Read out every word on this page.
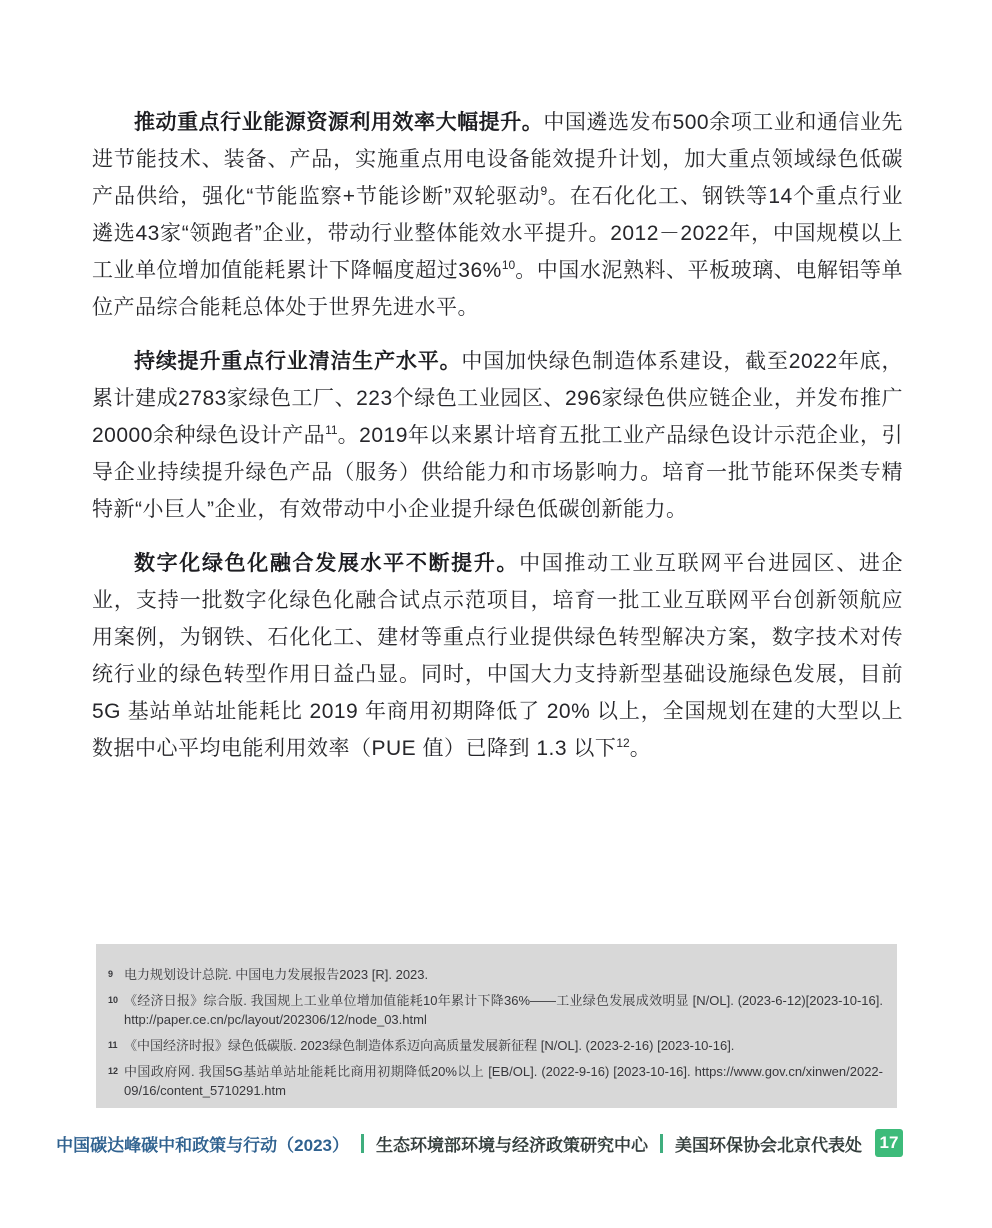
推动重点行业能源资源利用效率大幅提升。中国遴选发布500余项工业和通信业先进节能技术、装备、产品，实施重点用电设备能效提升计划，加大重点领域绿色低碳产品供给，强化“节能监察+节能诊断”双轮驱动$^9$。在石化化工、钢铁等14个重点行业遴选43家“领跑者”企业，带动行业整体能效水平提升。2012－2022年，中国规模以上工业单位增加值能耗累计下降幅度超过36%$^{10}$。中国水泥熟料、平板玻璃、电解铝等单位产品综合能耗总体处于世界先进水平。

持续提升重点行业清洁生产水平。中国加快绿色制造体系建设，截至2022年底，累计建成2783家绿色工厂、223个绿色工业园区、296家绿色供应链企业，并发布推广20000余种绿色设计产品$^{11}$。2019年以来累计培育五批工业产品绿色设计示范企业，引导企业持续提升绿色产品（服务）供给能力和市场影响力。培育一批节能环保类专精特新“小巨人”企业，有效带动中小企业提升绿色低碳创新能力。

数字化绿色化融合发展水平不断提升。中国推动工业互联网平台进园区、进企业，支持一批数字化绿色化融合试点示范项目，培育一批工业互联网平台创新领航应用案例，为钢铁、石化化工、建材等重点行业提供绿色转型解决方案，数字技术对传统行业的绿色转型作用日益凸显。同时，中国大力支持新型基础设施绿色发展，目前 5G 基站单站址能耗比 2019 年商用初期降低了 20% 以上，全国规划在建的大型以上数据中心平均电能利用效率（PUE 值）已降到 1.3 以下$^{12}$。

9 电力规划设计总院. 中国电力发展报告2023 [R]. 2023.
10 《经济日报》综合版. 我国规上工业单位增加值能耗10年累计下降36%——工业绿色发展成效明显 [N/OL]. (2023-6-12)[2023-10-16]. http://paper.ce.cn/pc/layout/202306/12/node_03.html
11 《中国经济时报》绿色低碳版. 2023绿色制造体系迈向高质量发展新征程 [N/OL]. (2023-2-16) [2023-10-16].
12 中国政府网. 我国5G基站单站址能耗比商用初期降低20%以上 [EB/OL]. (2022-9-16) [2023-10-16]. https://www.gov.cn/xinwen/2022-09/16/content_5710291.htm
中国碳达峰碳中和政策与行动（2023） 生态环境部环境与经济政策研究中心 美国环保协会北京代表处 17
